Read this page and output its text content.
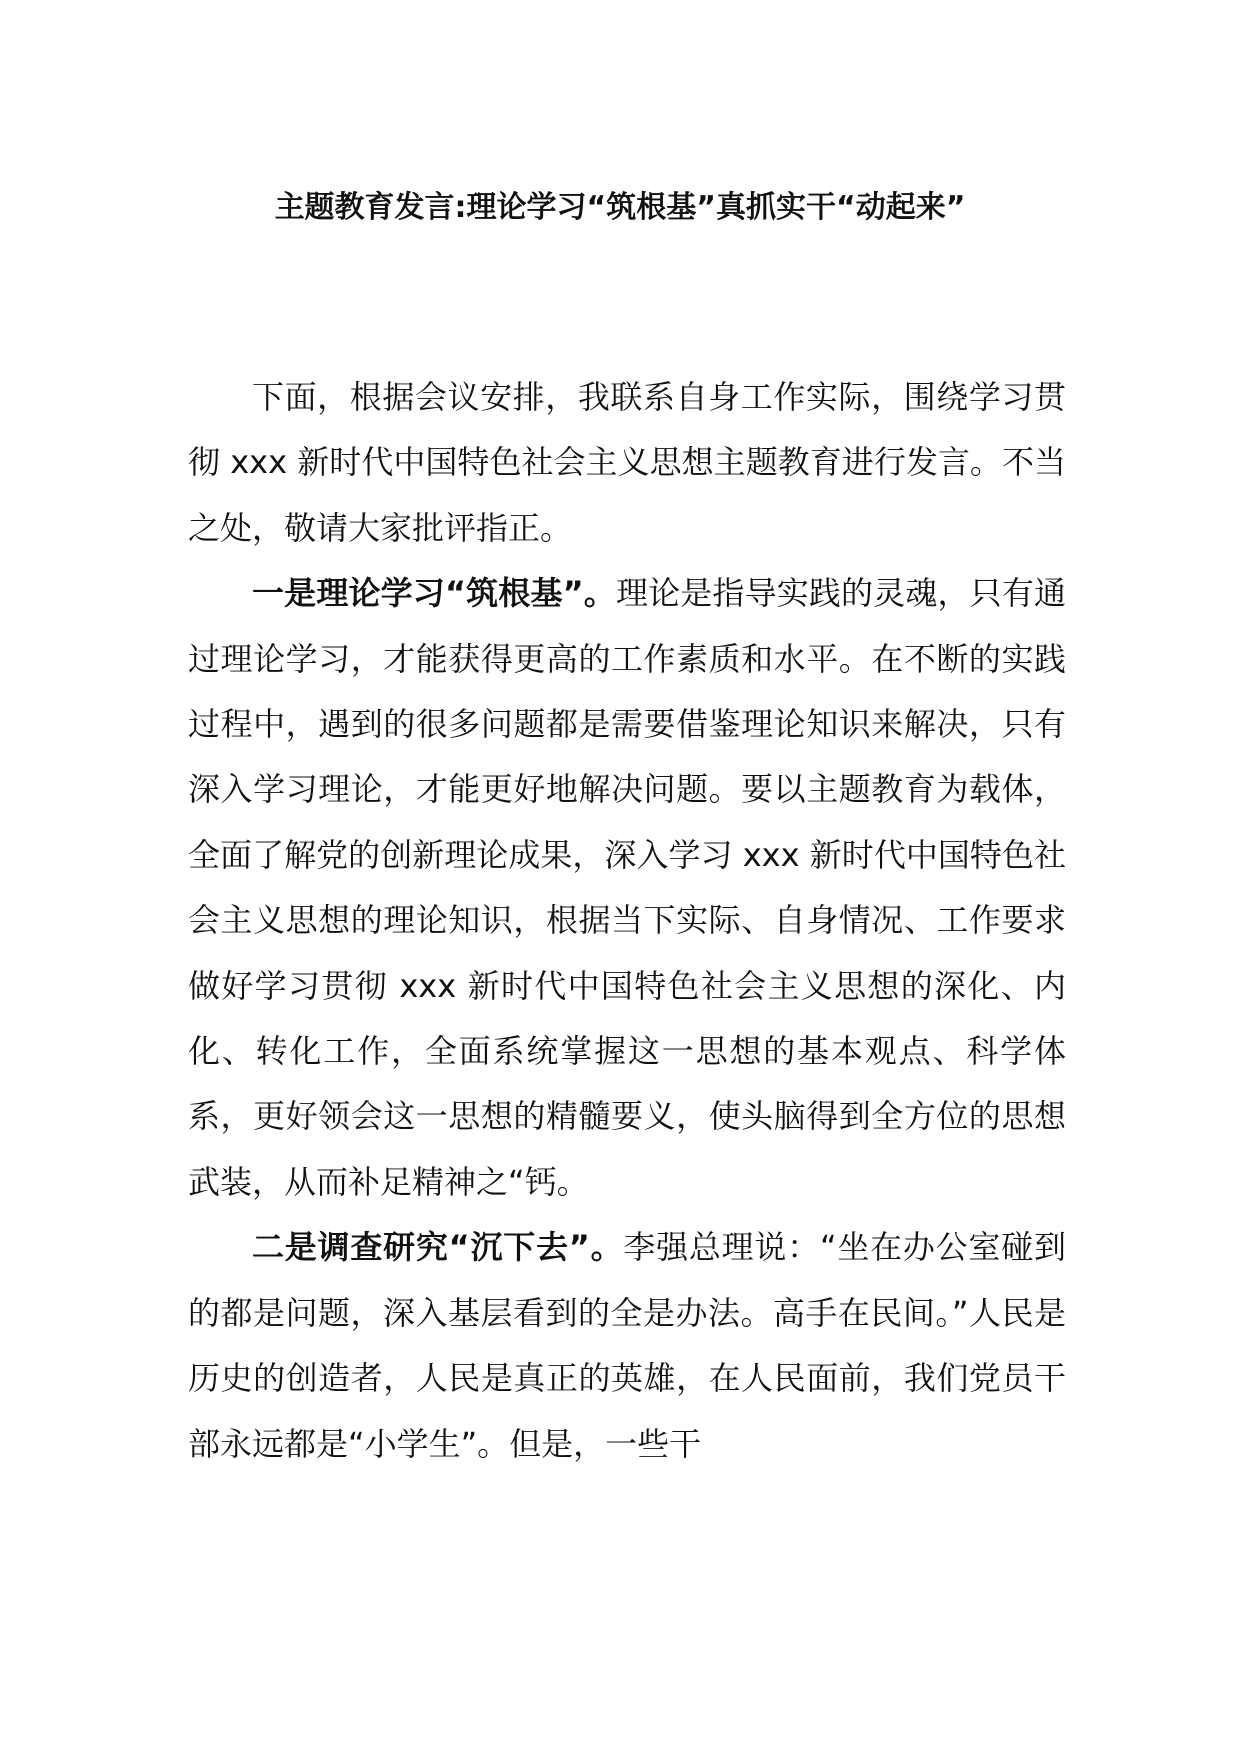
主题教育发言:理论学习“筑根基”真抓实干“动起来”

下面，根据会议安排，我联系自身工作实际，围绕学习贯彻 xxx 新时代中国特色社会主义思想主题教育进行发言。不当之处，敬请大家批评指正。

一是理论学习“筑根基”。理论是指导实践的灵魂，只有通过理论学习，才能获得更高的工作素质和水平。在不断的实践过程中，遇到的很多问题都是需要借鉴理论知识来解决，只有深入学习理论，才能更好地解决问题。要以主题教育为载体，全面了解党的创新理论成果，深入学习 xxx 新时代中国特色社会主义思想的理论知识，根据当下实际、自身情况、工作要求做好学习贯彻 xxx 新时代中国特色社会主义思想的深化、内化、转化工作，全面系统掌握这一思想的基本观点、科学体系，更好领会这一思想的精髓要义，使头脑得到全方位的思想武装，从而补足精神之“钙。

二是调查研究“沉下去”。李强总理说：“坐在办公室碰到的都是问题，深入基层看到的全是办法。高手在民间。”人民是历史的创造者，人民是真正的英雄，在人民面前，我们党员干部永远都是“小学生”。但是，一些干
